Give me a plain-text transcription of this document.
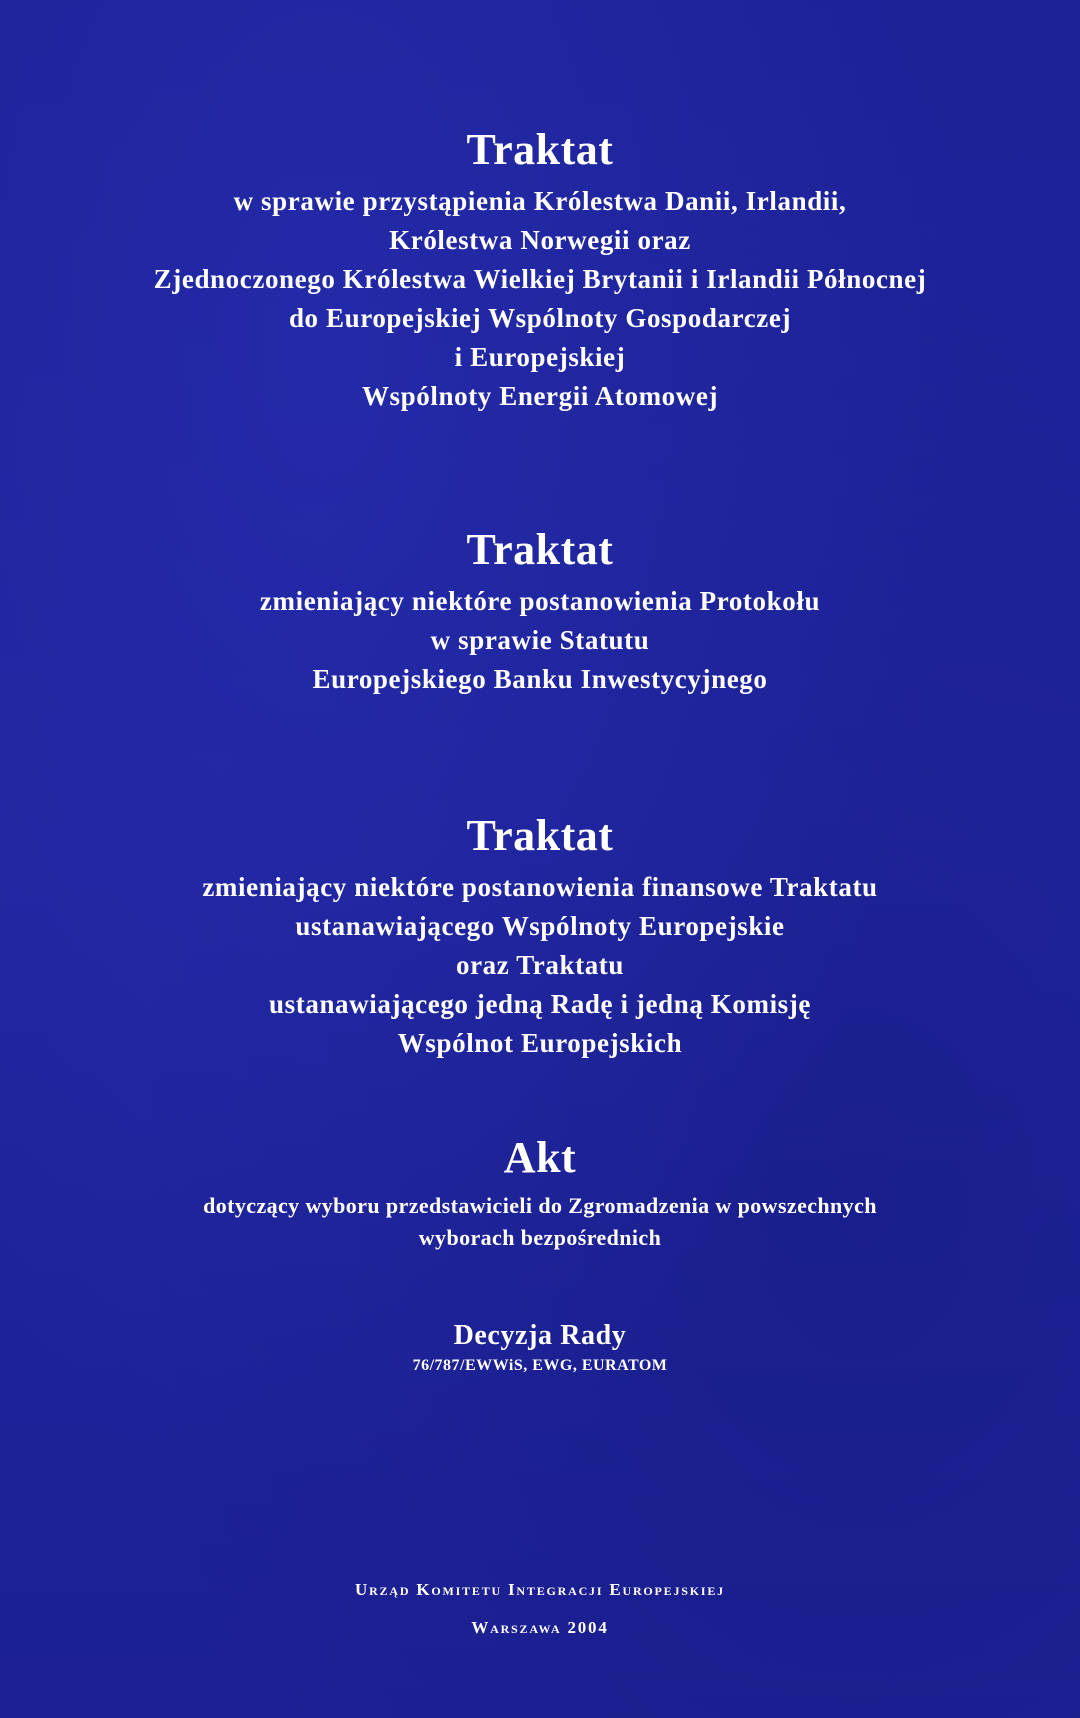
Traktat
w sprawie przystąpienia Królestwa Danii, Irlandii,
Królestwa Norwegii oraz
Zjednoczonego Królestwa Wielkiej Brytanii i Irlandii Północnej
do Europejskiej Wspólnoty Gospodarczej
i Europejskiej
Wspólnoty Energii Atomowej
Traktat
zmieniający niektóre postanowienia Protokołu
w sprawie Statutu
Europejskiego Banku Inwestycyjnego
Traktat
zmieniający niektóre postanowienia finansowe Traktatu
ustanawiającego Wspólnoty Europejskie
oraz Traktatu
ustanawiającego jedną Radę i jedną Komisję
Wspólnot Europejskich
Akt
dotyczący wyboru przedstawicieli do Zgromadzenia w powszechnych
wyborach bezpośrednich
Decyzja Rady
76/787/EWWiS, EWG, EURATOM
Urząd Komitetu Integracji Europejskiej
Warszawa 2004
